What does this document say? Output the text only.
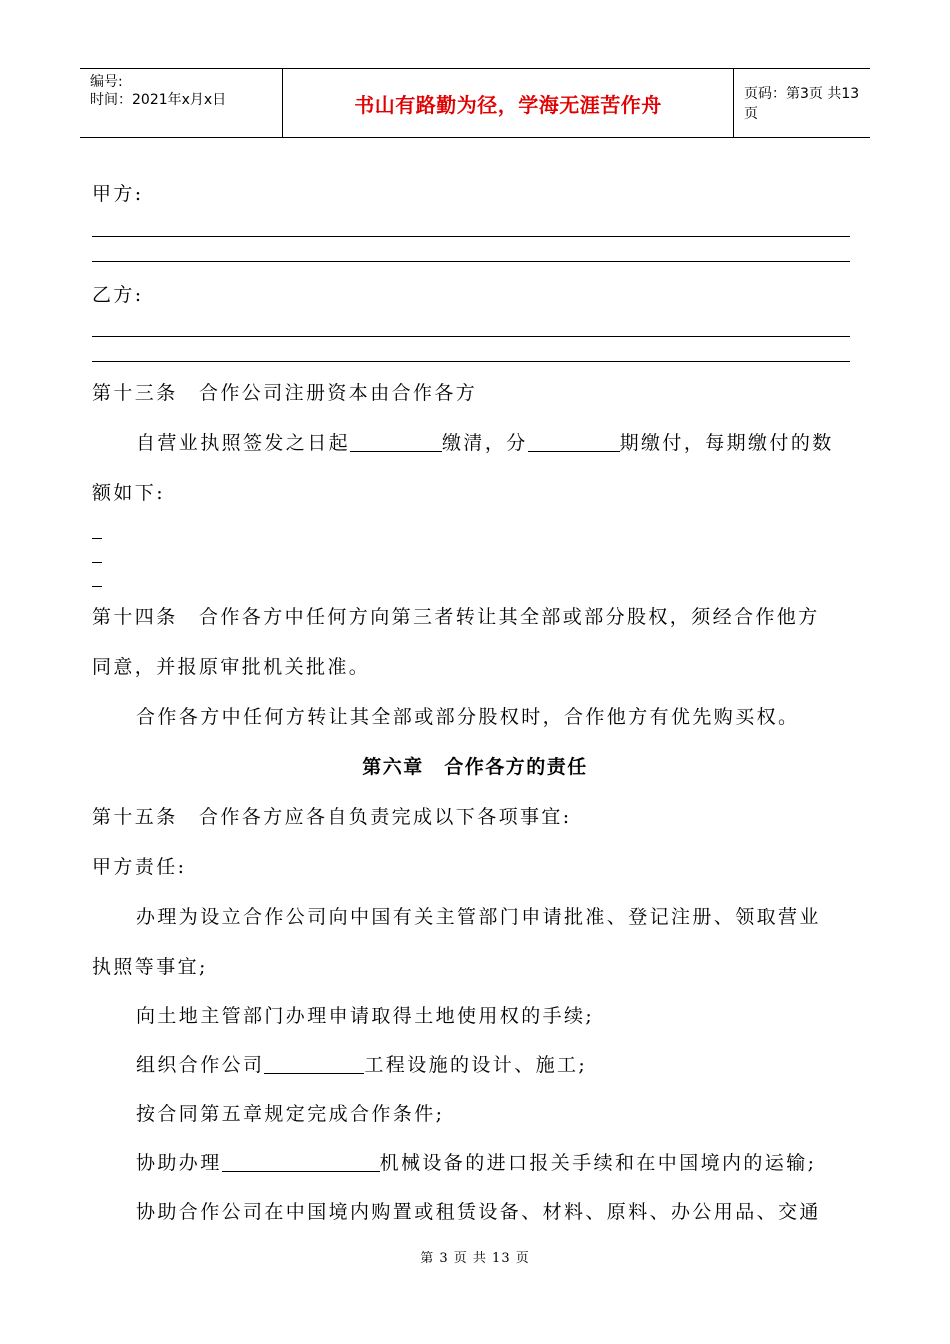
编号:
时间：2021年x月x日	书山有路勤为径，学海无涯苦作舟	页码：第3页 共13页
甲方:
乙方:
第十三条　合作公司注册资本由合作各方
自营业执照签发之日起	缴清，分	期缴付，每期缴付的数
额如下:
第十四条　合作各方中任何方向第三者转让其全部或部分股权，须经合作他方
同意，并报原审批机关批准。
合作各方中任何方转让其全部或部分股权时，合作他方有优先购买权。
第六章　合作各方的责任
第十五条　合作各方应各自负责完成以下各项事宜:
甲方责任:
办理为设立合作公司向中国有关主管部门申请批准、登记注册、领取营业
执照等事宜;
向土地主管部门办理申请取得土地使用权的手续;
组织合作公司	工程设施的设计、施工;
按合同第五章规定完成合作条件;
协助办理	机械设备的进口报关手续和在中国境内的运输;
协助合作公司在中国境内购置或租赁设备、材料、原料、办公用品、交通
第 3 页 共 13 页
